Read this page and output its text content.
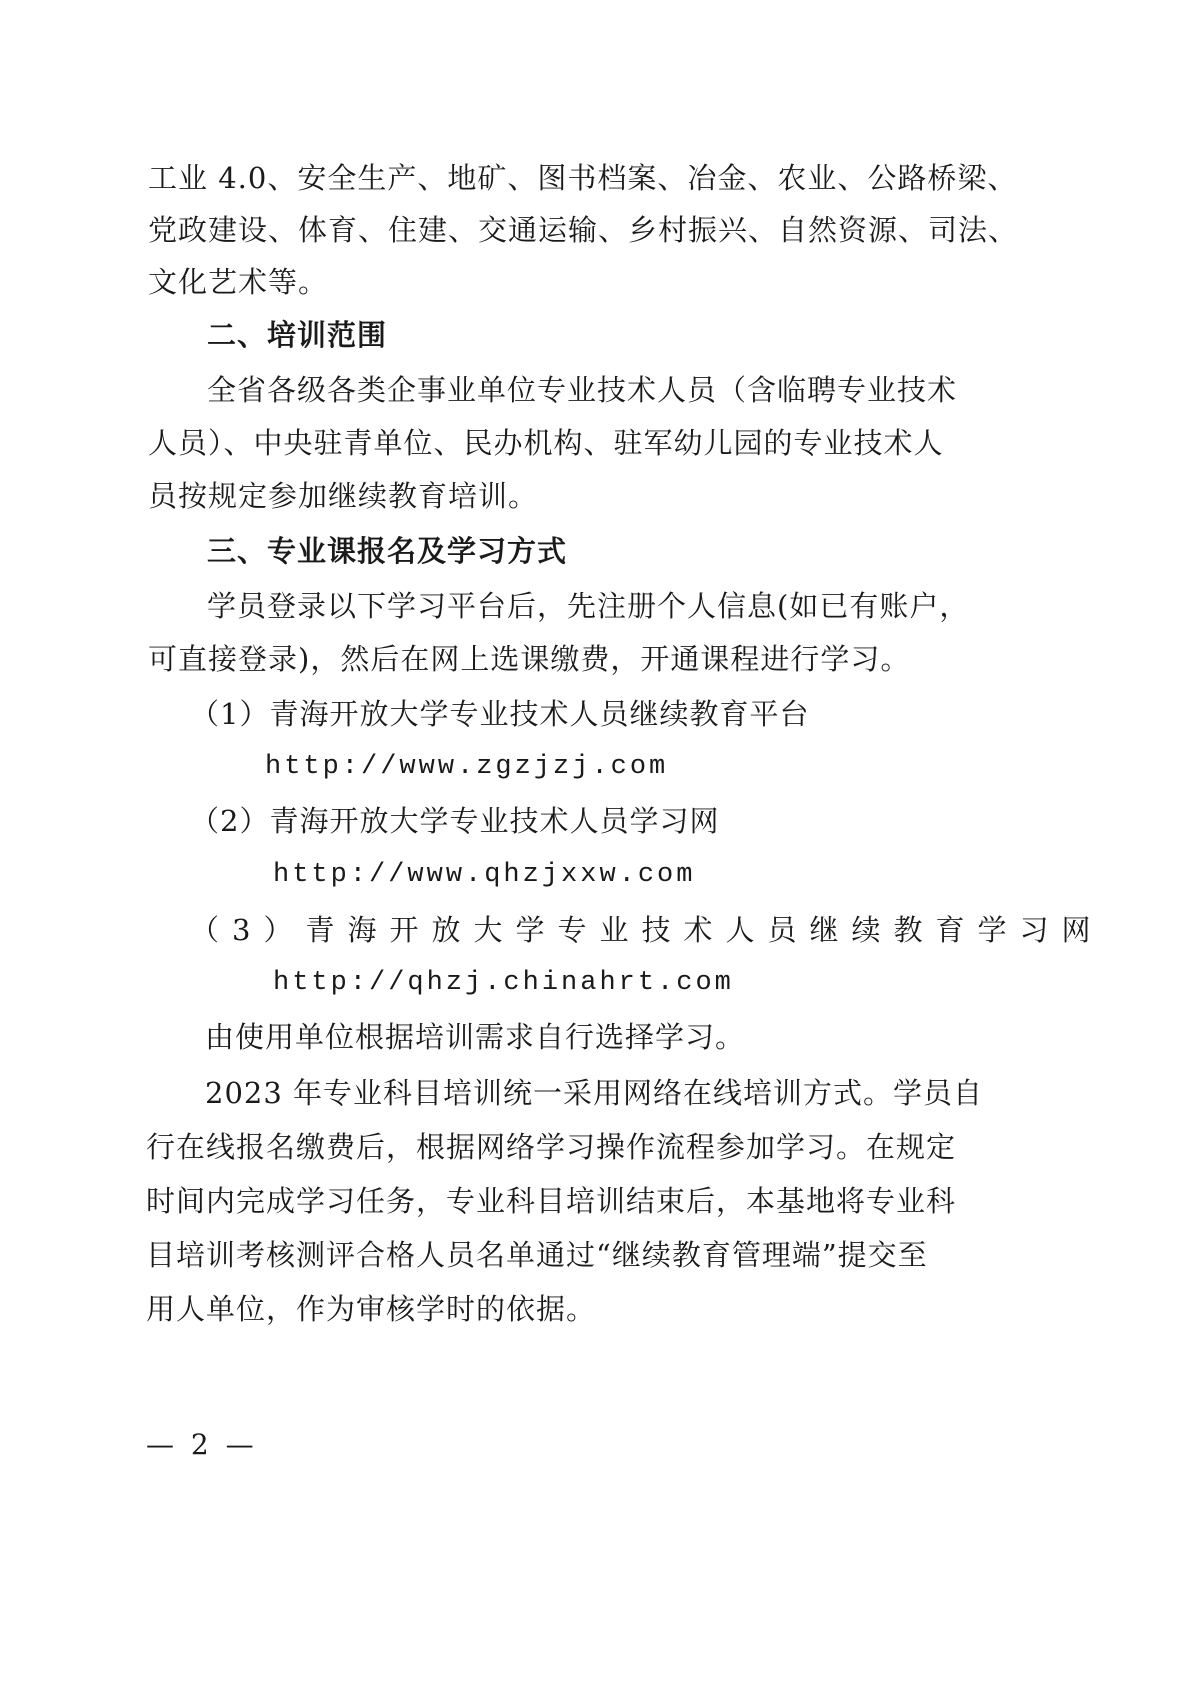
工业 4.0、安全生产、地矿、图书档案、冶金、农业、公路桥梁、
党政建设、体育、住建、交通运输、乡村振兴、自然资源、司法、
文化艺术等。
二、培训范围
全省各级各类企事业单位专业技术人员（含临聘专业技术
人员）、中央驻青单位、民办机构、驻军幼儿园的专业技术人
员按规定参加继续教育培训。
三、专业课报名及学习方式
学员登录以下学习平台后，先注册个人信息(如已有账户，
可直接登录)，然后在网上选课缴费，开通课程进行学习。
（1）青海开放大学专业技术人员继续教育平台
http://www.zgzjzj.com
（2）青海开放大学专业技术人员学习网
http://www.qhzjxxw.com
（3）青海开放大学专业技术人员继续教育学习网
http://qhzj.chinahrt.com
由使用单位根据培训需求自行选择学习。
2023 年专业科目培训统一采用网络在线培训方式。学员自
行在线报名缴费后，根据网络学习操作流程参加学习。在规定
时间内完成学习任务，专业科目培训结束后，本基地将专业科
目培训考核测评合格人员名单通过“继续教育管理端”提交至
用人单位，作为审核学时的依据。
— 2 —
